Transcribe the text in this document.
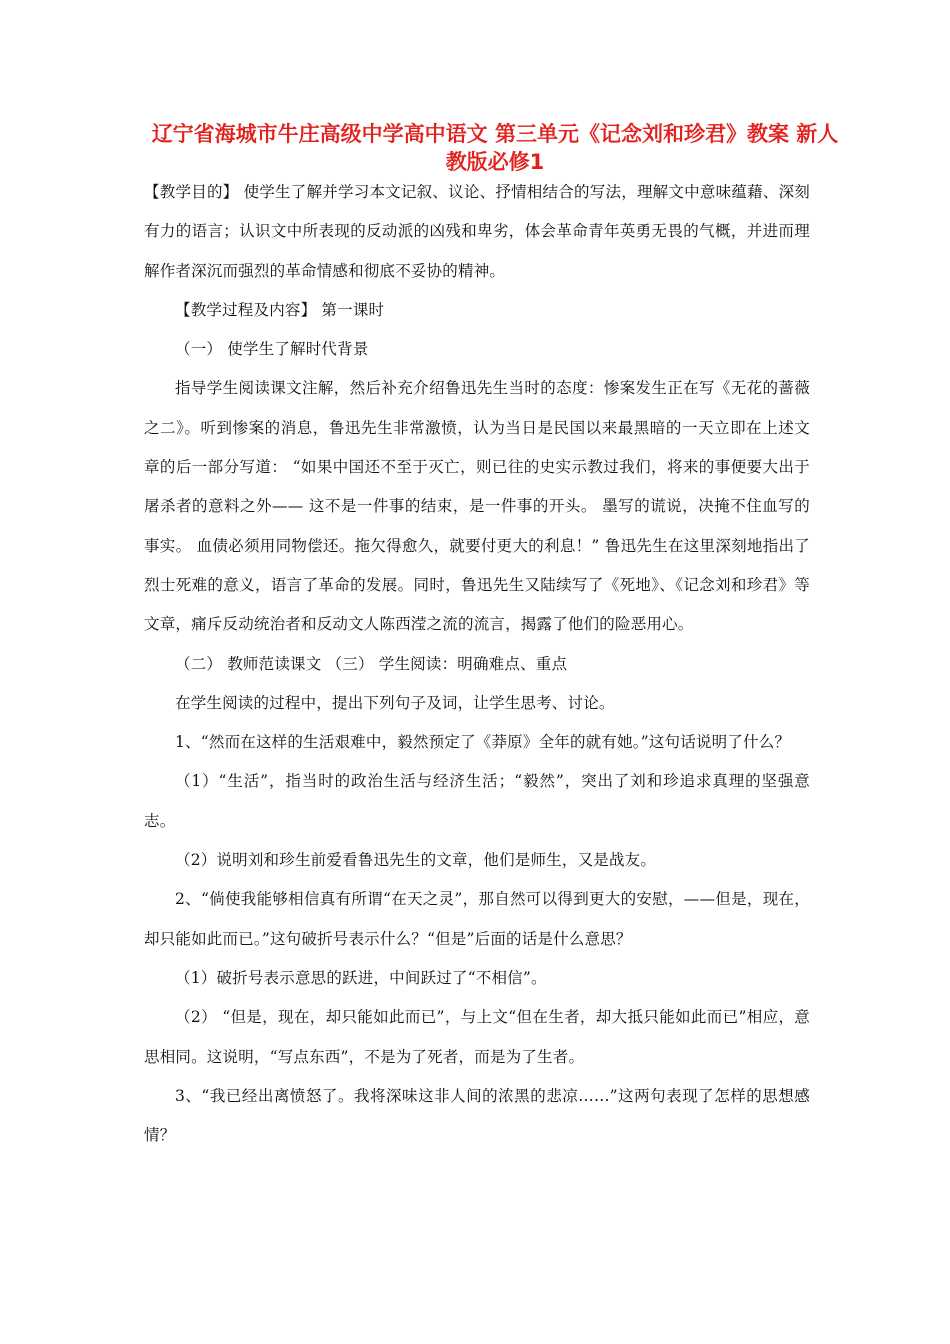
辽宁省海城市牛庄高级中学高中语文 第三单元《记念刘和珍君》教案 新人教版必修1

【教学目的】 使学生了解并学习本文记叙、议论、抒情相结合的写法，理解文中意味蕴藉、深刻有力的语言；认识文中所表现的反动派的凶残和卑劣，体会革命青年英勇无畏的气概，并进而理解作者深沉而强烈的革命情感和彻底不妥协的精神。

【教学过程及内容】 第一课时

（一） 使学生了解时代背景

指导学生阅读课文注解，然后补充介绍鲁迅先生当时的态度：惨案发生正在写《无花的蔷薇之二》。听到惨案的消息，鲁迅先生非常激愤，认为当日是民国以来最黑暗的一天立即在上述文章的后一部分写道： “如果中国还不至于灭亡，则已往的史实示教过我们，将来的事便要大出于屠杀者的意料之外—— 这不是一件事的结束，是一件事的开头。 墨写的谎说，决掩不住血写的事实。 血债必须用同物偿还。拖欠得愈久，就要付更大的利息！” 鲁迅先生在这里深刻地指出了烈士死难的意义，语言了革命的发展。同时，鲁迅先生又陆续写了《死地》、《记念刘和珍君》等文章，痛斥反动统治者和反动文人陈西滢之流的流言，揭露了他们的险恶用心。

（二） 教师范读课文 （三） 学生阅读：明确难点、重点

在学生阅读的过程中，提出下列句子及词，让学生思考、讨论。

1、“然而在这样的生活艰难中，毅然预定了《莽原》全年的就有她。”这句话说明了什么？

（1）“生活”，指当时的政治生活与经济生活；“毅然”，突出了刘和珍追求真理的坚强意志。

（2）说明刘和珍生前爱看鲁迅先生的文章，他们是师生，又是战友。

2、“倘使我能够相信真有所谓“在天之灵”，那自然可以得到更大的安慰，——但是，现在，却只能如此而已。”这句破折号表示什么？“但是”后面的话是什么意思？

（1）破折号表示意思的跃进，中间跃过了“不相信”。

（2） “但是，现在，却只能如此而已”，与上文“但在生者，却大抵只能如此而已”相应，意思相同。这说明，“写点东西”，不是为了死者，而是为了生者。

3、“我已经出离愤怒了。我将深味这非人间的浓黑的悲凉……”这两句表现了怎样的思想感情？
